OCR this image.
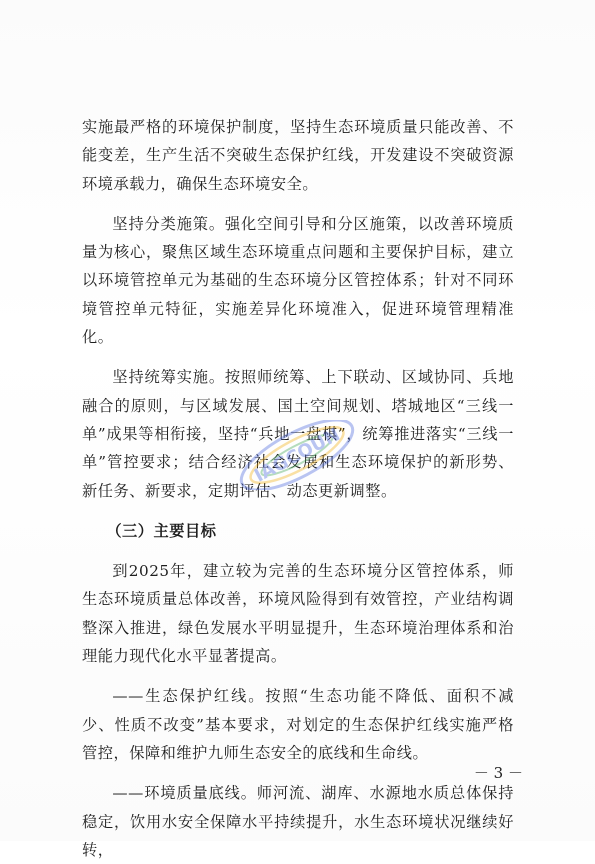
实施最严格的环境保护制度，坚持生态环境质量只能改善、不能变差，生产生活不突破生态保护红线，开发建设不突破资源环境承载力，确保生态环境安全。

坚持分类施策。强化空间引导和分区施策，以改善环境质量为核心，聚焦区域生态环境重点问题和主要保护目标，建立以环境管控单元为基础的生态环境分区管控体系；针对不同环境管控单元特征，实施差异化环境准入，促进环境管理精准化。

坚持统筹实施。按照师统筹、上下联动、区域协同、兵地融合的原则，与区域发展、国土空间规划、塔城地区“三线一单”成果等相衔接，坚持“兵地一盘棋”，统筹推进落实“三线一单”管控要求；结合经济社会发展和生态环境保护的新形势、新任务、新要求，定期评估、动态更新调整。

（三）主要目标

到2025年，建立较为完善的生态环境分区管控体系，师生态环境质量总体改善，环境风险得到有效管控，产业结构调整深入推进，绿色发展水平明显提升，生态环境治理体系和治理能力现代化水平显著提高。

——生态保护红线。按照“生态功能不降低、面积不减少、性质不改变”基本要求，对划定的生态保护红线实施严格管控，保障和维护九师生态安全的底线和生命线。

——环境质量底线。师河流、湖库、水源地水质总体保持稳定，饮用水安全保障水平持续提升，水生态环境状况继续好转，

IAGCOUN
－ 3 －
